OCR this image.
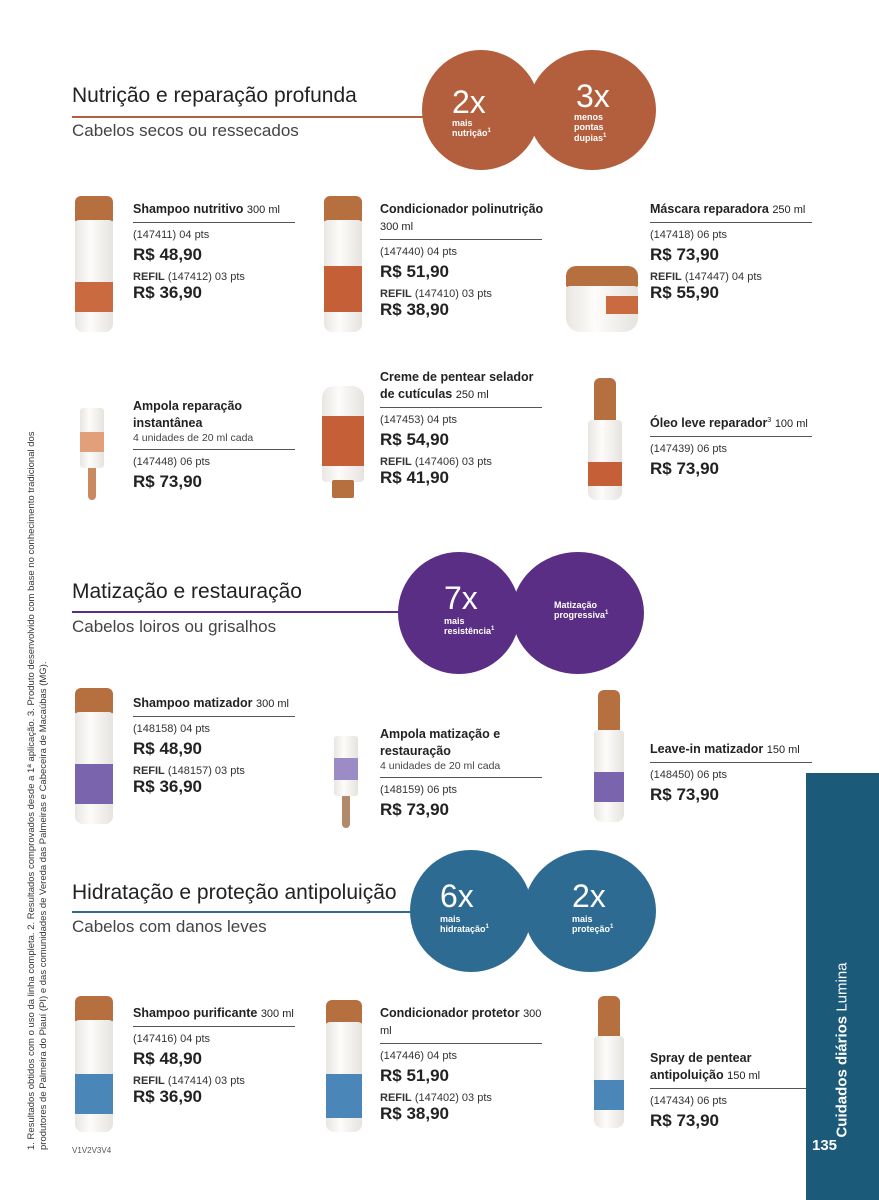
Nutrição e reparação profunda
Cabelos secos ou ressecados
2x
mais nutrição$^1$
3x
menos pontas dupias$^1$
Shampoo nutritivo 300 ml
(147411) 04 pts
R$ 48,90
REFIL (147412) 03 pts
R$ 36,90
Condicionador polinutrição 300 ml
(147440) 04 pts
R$ 51,90
REFIL (147410) 03 pts
R$ 38,90
Máscara reparadora 250 ml
(147418) 06 pts
R$ 73,90
REFIL (147447) 04 pts
R$ 55,90
Ampola reparação instantânea
4 unidades de 20 ml cada
(147448) 06 pts
R$ 73,90
Creme de pentear selador de cutículas 250 ml
(147453) 04 pts
R$ 54,90
REFIL (147406) 03 pts
R$ 41,90
Óleo leve reparador$^3$ 100 ml
(147439) 06 pts
R$ 73,90
Matização e restauração
Cabelos loiros ou grisalhos
7x
mais resistência$^1$
Matização progressiva$^1$
Shampoo matizador 300 ml
(148158) 04 pts
R$ 48,90
REFIL (148157) 03 pts
R$ 36,90
Ampola matização e restauração
4 unidades de 20 ml cada
(148159) 06 pts
R$ 73,90
Leave-in matizador 150 ml
(148450) 06 pts
R$ 73,90
Hidratação e proteção antipoluição
Cabelos com danos leves
6x
mais hidratação$^1$
2x
mais proteção$^1$
Shampoo purificante 300 ml
(147416) 04 pts
R$ 48,90
REFIL (147414) 03 pts
R$ 36,90
Condicionador protetor 300 ml
(147446) 04 pts
R$ 51,90
REFIL (147402) 03 pts
R$ 38,90
Spray de pentear antipoluição 150 ml
(147434) 06 pts
R$ 73,90	Cuidados diários Lumina
135
1. Resultados obtidos com o uso da linha completa. 2. Resultados comprovados desde a 1ª aplicação. 3. Produto desenvolvido com base no conhecimento tradicional dos produtores de Palmeira do Piauí (PI) e das comunidades de Vereda das Palmeiras e Cabeceira de Macaúbas (MG).
V1V2V3V4
